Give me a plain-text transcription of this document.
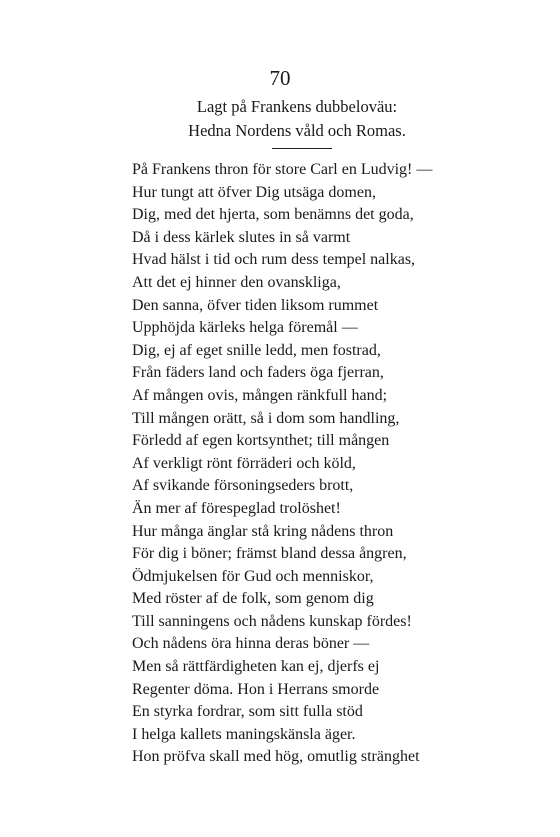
70
Lagt på Frankens dubbeloväu:
Hedna Nordens våld och Romas.
På Frankens thron för store Carl en Ludvig! —
Hur tungt att öfver Dig utsäga domen,
Dig, med det hjerta, som benämns det goda,
Då i dess kärlek slutes in så varmt
Hvad hälst i tid och rum dess tempel nalkas,
Att det ej hinner den ovanskliga,
Den sanna, öfver tiden liksom rummet
Upphöjda kärleks helga föremål —
Dig, ej af eget snille ledd, men fostrad,
Från fäders land och faders öga fjerran,
Af mången ovis, mången ränkfull hand;
Till mången orätt, så i dom som handling,
Förledd af egen kortsynthet; till mången
Af verkligt rönt förräderi och köld,
Af svikande försoningseders brott,
Än mer af förespeglad trolöshet!
Hur många änglar stå kring nådens thron
För dig i böner; främst bland dessa ångren,
Ödmjukelsen för Gud och menniskor,
Med röster af de folk, som genom dig
Till sanningens och nådens kunskap fördes!
Och nådens öra hinna deras böner —
Men så rättfärdigheten kan ej, djerfs ej
Regenter döma. Hon i Herrans smorde
En styrka fordrar, som sitt fulla stöd
I helga kallets maningskänsla äger.
Hon pröfva skall med hög, omutlig stränghet
